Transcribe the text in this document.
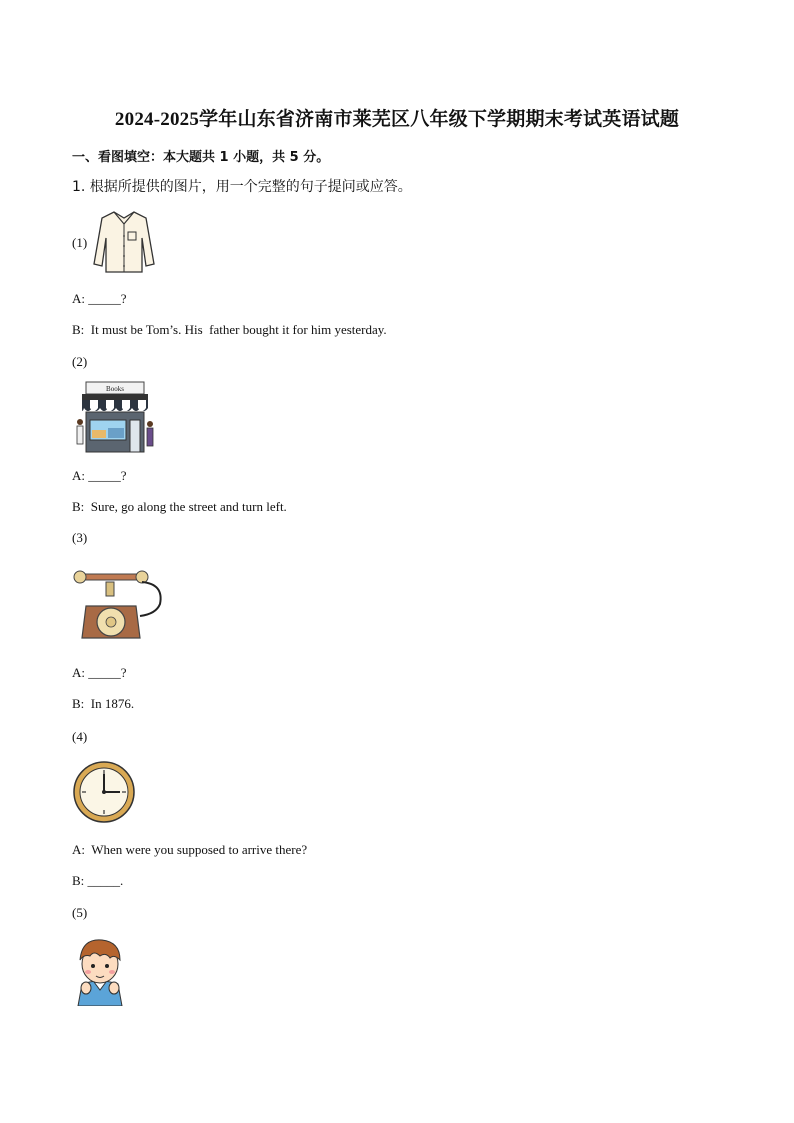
2024-2025学年山东省济南市莱芜区八年级下学期期末考试英语试题
一、看图填空：本大题共 1 小题，共 5 分。
1. 根据所提供的图片，用一个完整的句子提问或应答。
(1)
A: _____?
B:  It must be Tom’s. His  father bought it for him yesterday.
(2)
Books
A: _____?
B:  Sure, go along the street and turn left.
(3)
A: _____?
B:  In 1876.
(4)
A:  When were you supposed to arrive there?
B: _____.
(5)
